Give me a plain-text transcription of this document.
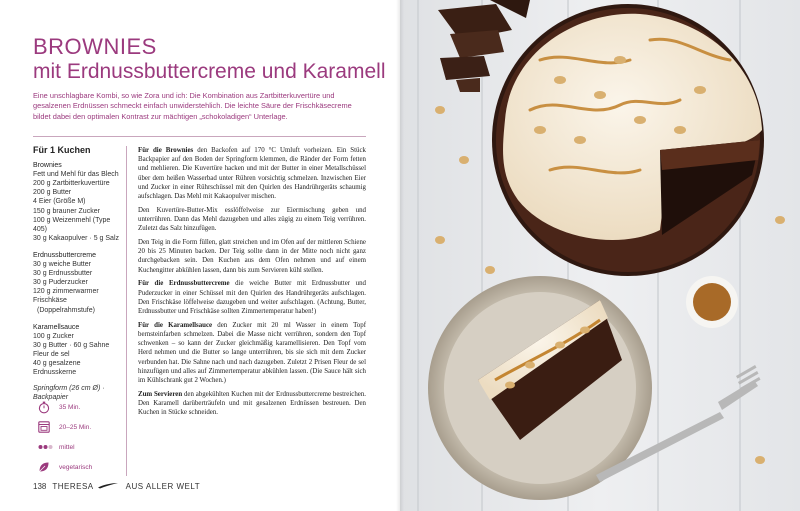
BROWNIES
mit Erdnussbuttercreme und Karamell

Eine unschlagbare Kombi, so wie Zora und ich: Die Kombination aus Zartbitterkuvertüre und gesalzenen Erdnüssen schmeckt einfach unwiderstehlich. Die leichte Säure der Frischkäsecreme bildet dabei den optimalen Kontrast zur mächtigen „schokoladigen“ Unterlage.

Für 1 Kuchen
Brownies
Fett und Mehl für das Blech
200 g Zartbitterkuvertüre
200 g Butter
4 Eier (Größe M)
150 g brauner Zucker
100 g Weizenmehl (Type 405)
30 g Kakaopulver · 5 g Salz
Erdnussbuttercreme
30 g weiche Butter
30 g Erdnussbutter
30 g Puderzucker
120 g zimmerwarmer Frischkäse
(Doppelrahmstufe)
Karamellsauce
100 g Zucker
30 g Butter · 60 g Sahne
Fleur de sel
40 g gesalzene Erdnusskerne
Springform (26 cm Ø) · Backpapier
35 Min.
20–25 Min.
mittel
vegetarisch

Für die Brownies den Backofen auf 170 °C Umluft vorheizen. Ein Stück Backpapier auf den Boden der Springform klemmen, die Ränder der Form fetten und mehlieren. Die Kuvertüre hacken und mit der Butter in einer Metallschüssel über dem heißen Wasserbad unter Rühren vorsichtig schmelzen. Inzwischen Eier und Zucker in einer Rührschüssel mit den Quirlen des Handrührgeräts schaumig aufschlagen. Das Mehl mit Kakaopulver mischen.

Den Kuvertüre-Butter-Mix esslöffelweise zur Eiermischung geben und unterrühren. Dann das Mehl dazugeben und alles zügig zu einem Teig verrühren. Zuletzt das Salz hinzufügen.

Den Teig in die Form füllen, glatt streichen und im Ofen auf der mittleren Schiene 20 bis 25 Minuten backen. Der Teig sollte dann in der Mitte noch nicht ganz durchgebacken sein. Den Kuchen aus dem Ofen nehmen und auf einem Kuchengitter abkühlen lassen, dann bis zum Servieren kühl stellen.

Für die Erdnussbuttercreme die weiche Butter mit Erdnussbutter und Puderzucker in einer Schüssel mit den Quirlen des Handrührgeräts aufschlagen. Den Frischkäse löffelweise dazugeben und weiter aufschlagen. (Achtung, Butter, Erdnussbutter und Frischkäse sollten Zimmertemperatur haben!)

Für die Karamellsauce den Zucker mit 20 ml Wasser in einem Topf bernsteinfarben schmelzen. Dabei die Masse nicht verrühren, sondern den Topf schwenken – so kann der Zucker gleichmäßig karamellisieren. Den Topf vom Herd nehmen und die Butter so lange unterrühren, bis sie sich mit dem Zucker verbunden hat. Die Sahne nach und nach dazugeben. Zuletzt 2 Prisen Fleur de sel hinzufügen und alles auf Zimmertemperatur abkühlen lassen. (Die Sauce hält sich im Kühlschrank gut 2 Wochen.)

Zum Servieren den abgekühlten Kuchen mit der Erdnussbuttercreme bestreichen. Den Karamell darüberträufeln und mit gesalzenen Erdnüssen bestreuen. Den Kuchen in Stücke schneiden.

138 THERESA	AUS ALLER WELT
